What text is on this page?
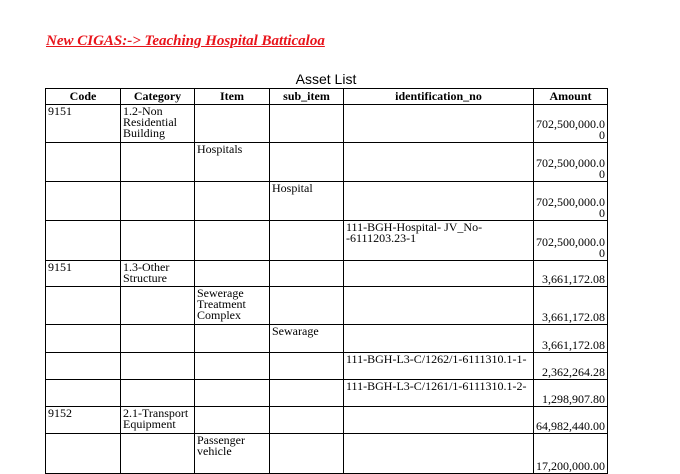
New CIGAS:-> Teaching Hospital Batticaloa
Asset List
Code	Category	Item	sub_item	identification_no	Amount
9151	1.2-Non Residential Building				702,500,000.00
		Hospitals			702,500,000.00
			Hospital		702,500,000.00
				111-BGH-Hospital- JV_No--6111203.23-1	702,500,000.00
9151	1.3-Other Structure				3,661,172.08
		Sewerage Treatment Complex			3,661,172.08
			Sewarage		3,661,172.08
				111-BGH-L3-C/1262/1-6111310.1-1-	2,362,264.28
				111-BGH-L3-C/1261/1-6111310.1-2-	1,298,907.80
9152	2.1-Transport Equipment				64,982,440.00
		Passenger vehicle			17,200,000.00
